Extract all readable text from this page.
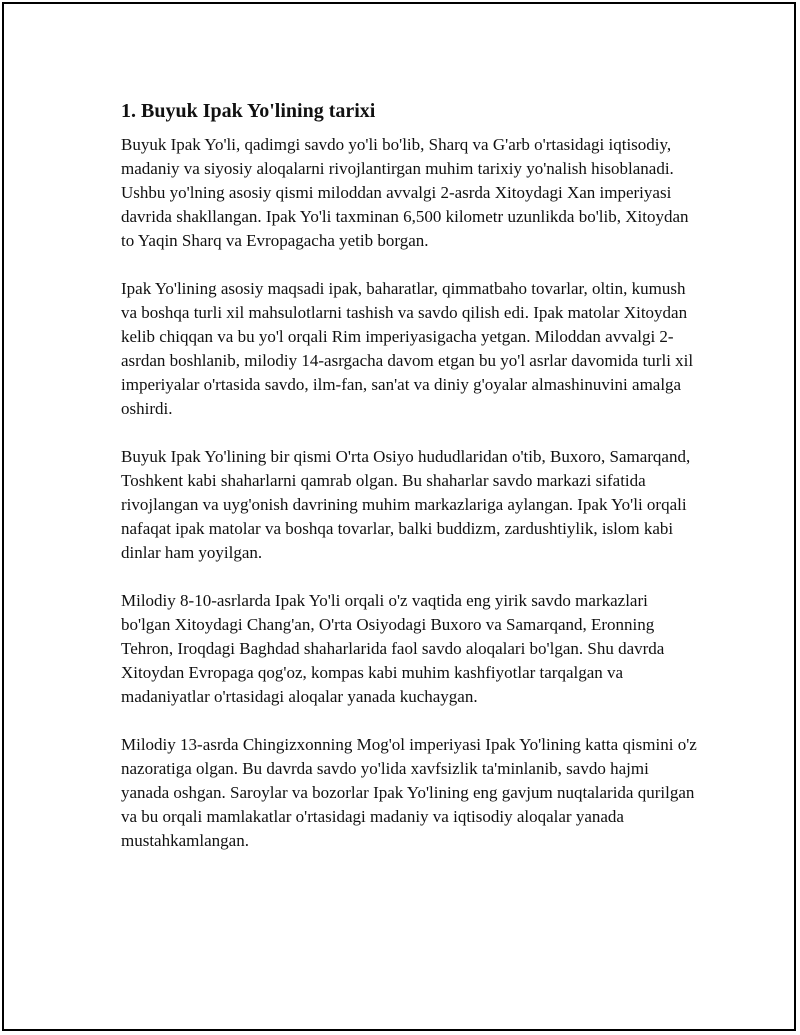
1. Buyuk Ipak Yo'lining tarixi

Buyuk Ipak Yo'li, qadimgi savdo yo'li bo'lib, Sharq va G'arb o'rtasidagi iqtisodiy, madaniy va siyosiy aloqalarni rivojlantirgan muhim tarixiy yo'nalish hisoblanadi. Ushbu yo'lning asosiy qismi miloddan avvalgi 2-asrda Xitoydagi Xan imperiyasi davrida shakllangan. Ipak Yo'li taxminan 6,500 kilometr uzunlikda bo'lib, Xitoydan to Yaqin Sharq va Evropagacha yetib borgan.

Ipak Yo'lining asosiy maqsadi ipak, baharatlar, qimmatbaho tovarlar, oltin, kumush va boshqa turli xil mahsulotlarni tashish va savdo qilish edi. Ipak matolar Xitoydan kelib chiqqan va bu yo'l orqali Rim imperiyasigacha yetgan. Miloddan avvalgi 2-asrdan boshlanib, milodiy 14-asrgacha davom etgan bu yo'l asrlar davomida turli xil imperiyalar o'rtasida savdo, ilm-fan, san'at va diniy g'oyalar almashinuvini amalga oshirdi.

Buyuk Ipak Yo'lining bir qismi O'rta Osiyo hududlaridan o'tib, Buxoro, Samarqand, Toshkent kabi shaharlarni qamrab olgan. Bu shaharlar savdo markazi sifatida rivojlangan va uyg'onish davrining muhim markazlariga aylangan. Ipak Yo'li orqali nafaqat ipak matolar va boshqa tovarlar, balki buddizm, zardushtiylik, islom kabi dinlar ham yoyilgan.

Milodiy 8-10-asrlarda Ipak Yo'li orqali o'z vaqtida eng yirik savdo markazlari bo'lgan Xitoydagi Chang'an, O'rta Osiyodagi Buxoro va Samarqand, Eronning Tehron, Iroqdagi Baghdad shaharlarida faol savdo aloqalari bo'lgan. Shu davrda Xitoydan Evropaga qog'oz, kompas kabi muhim kashfiyotlar tarqalgan va madaniyatlar o'rtasidagi aloqalar yanada kuchaygan.

Milodiy 13-asrda Chingizxonning Mog'ol imperiyasi Ipak Yo'lining katta qismini o'z nazoratiga olgan. Bu davrda savdo yo'lida xavfsizlik ta'minlanib, savdo hajmi yanada oshgan. Saroylar va bozorlar Ipak Yo'lining eng gavjum nuqtalarida qurilgan va bu orqali mamlakatlar o'rtasidagi madaniy va iqtisodiy aloqalar yanada mustahkamlangan.
